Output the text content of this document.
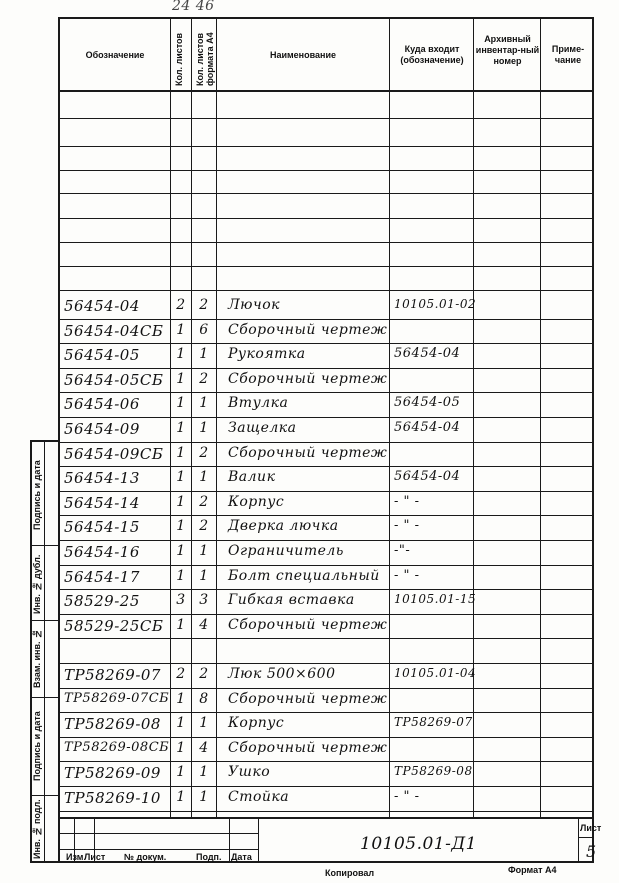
24 46
Подпись и дата
Инв. № дубл.
Взам. инв. №
Подпись и дата
Инв. № подл.
Обозначение	Кол. листов Кол. листов формата А4	Наименование
Куда входит (обозначение)
Архивный инвентар-ный номер
Приме-чание
56454-04	2 2	Лючок	10105.01-02
56454-04СБ 1 6	Сборочный чертеж
56454-05	1 1	Рукоятка	56454-04
56454-05СБ 1 2	Сборочный чертеж
56454-06	1 1	Втулка	56454-05
56454-09	1 1	Защелка	56454-04
56454-09СБ 1 2	Сборочный чертеж
56454-13	1 1	Валик	56454-04
56454-14	1 2	Корпус	- " -
56454-15	1 2	Дверка лючка	- " -
56454-16	1 1	Ограничитель	-"-
56454-17	1 1	Болт специальный - " -
58529-25	3 3	Гибкая вставка	10105.01-15
58529-25СБ 1 4	Сборочный чертеж
ТР58269-07	2 2	Люк 500×600	10105.01-04
ТР58269-07СБ 1 8	Сборочный чертеж
ТР58269-08	1 1	Корпус	ТР58269-07
ТР58269-08СБ 1 4	Сборочный чертеж
ТР58269-09	1 1	Ушко	ТР58269-08
ТР58269-10	1 1	Стойка	- " -
Изм Лист № докум.	Подп. Дата
10105.01-Д1
Лист
5
Копировал	Формат А4
